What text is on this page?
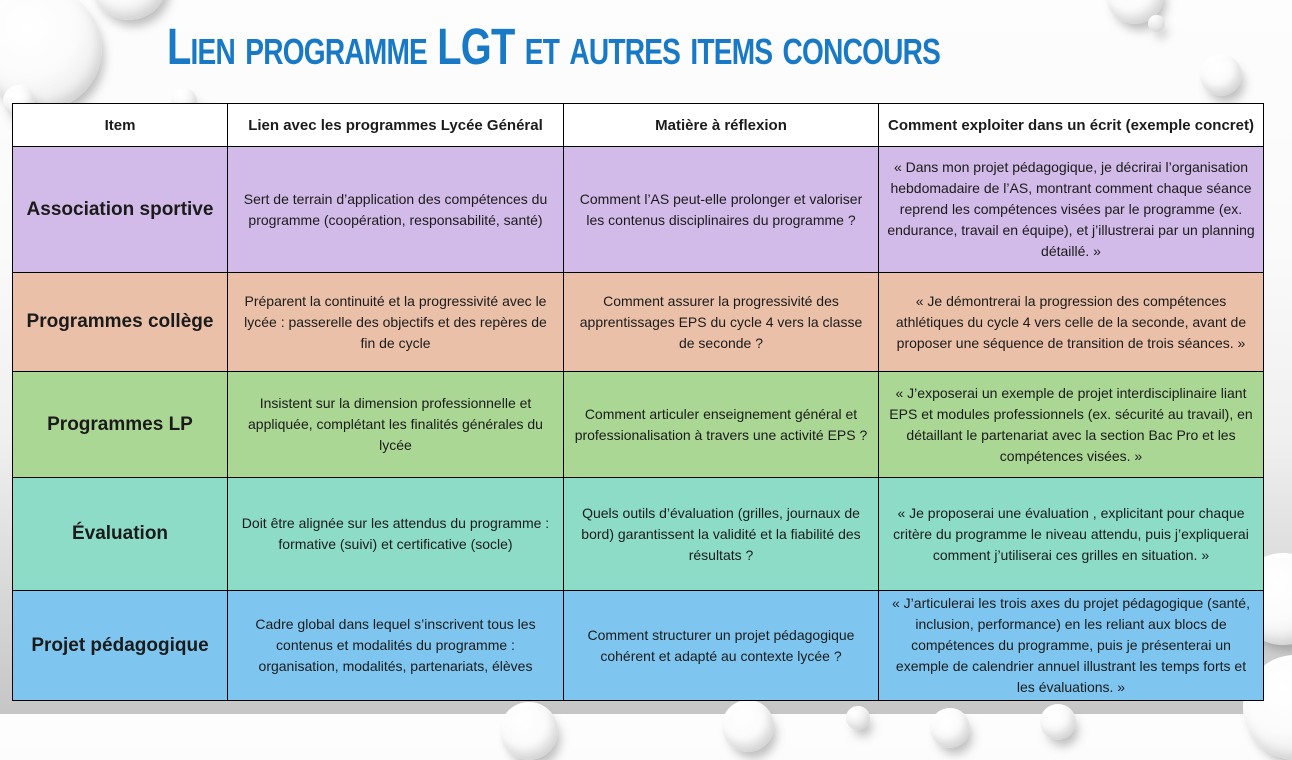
Lien programme LGT et autres items concours
Item	Lien avec les programmes Lycée Général	Matière à réflexion	Comment exploiter dans un écrit (exemple concret)
Association sportive	Sert de terrain d’application des compétences du programme (coopération, responsabilité, santé)	Comment l’AS peut-elle prolonger et valoriser les contenus disciplinaires du programme ?	« Dans mon projet pédagogique, je décrirai l’organisation hebdomadaire de l’AS, montrant comment chaque séance reprend les compétences visées par le programme (ex. endurance, travail en équipe), et j’illustrerai par un planning détaillé. »
Programmes collège	Préparent la continuité et la progressivité avec le lycée : passerelle des objectifs et des repères de fin de cycle	Comment assurer la progressivité des apprentissages EPS du cycle 4 vers la classe de seconde ?	« Je démontrerai la progression des compétences athlétiques du cycle 4 vers celle de la seconde, avant de proposer une séquence de transition de trois séances. »
Programmes LP	Insistent sur la dimension professionnelle et appliquée, complétant les finalités générales du lycée	Comment articuler enseignement général et professionalisation à travers une activité EPS ?	« J’exposerai un exemple de projet interdisciplinaire liant EPS et modules professionnels (ex. sécurité au travail), en détaillant le partenariat avec la section Bac Pro et les compétences visées. »
Évaluation	Doit être alignée sur les attendus du programme : formative (suivi) et certificative (socle)	Quels outils d’évaluation (grilles, journaux de bord) garantissent la validité et la fiabilité des résultats ?	« Je proposerai une évaluation , explicitant pour chaque critère du programme le niveau attendu, puis j’expliquerai comment j’utiliserai ces grilles en situation. »
Projet pédagogique	Cadre global dans lequel s’inscrivent tous les contenus et modalités du programme : organisation, modalités, partenariats, élèves	Comment structurer un projet pédagogique cohérent et adapté au contexte lycée ?	« J’articulerai les trois axes du projet pédagogique (santé, inclusion, performance) en les reliant aux blocs de compétences du programme, puis je présenterai un exemple de calendrier annuel illustrant les temps forts et les évaluations. »
